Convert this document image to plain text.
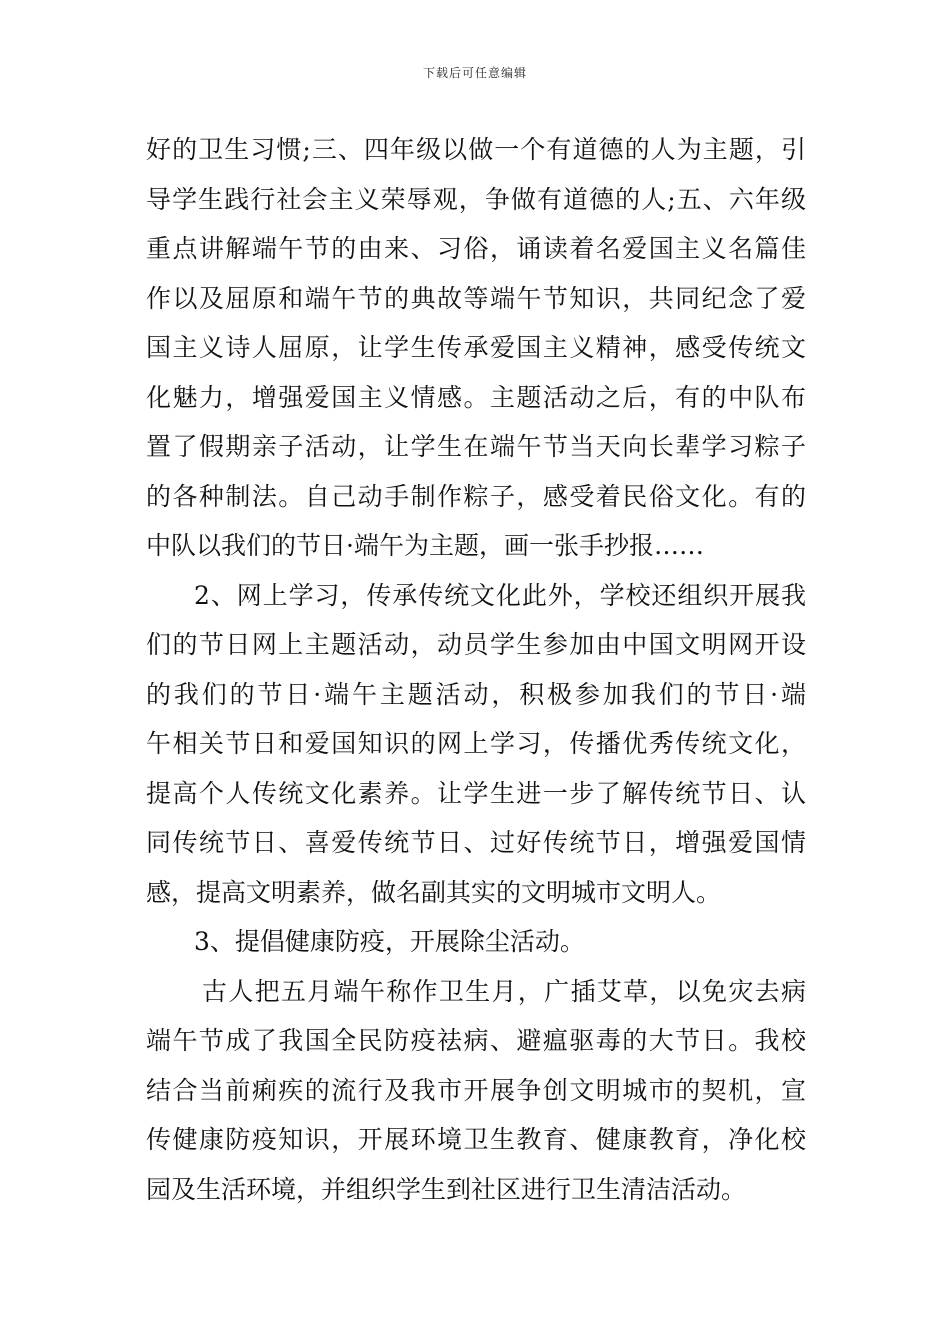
下载后可任意编辑
好的卫生习惯;三、四年级以做一个有道德的人为主题，引
导学生践行社会主义荣辱观，争做有道德的人;五、六年级
重点讲解端午节的由来、习俗，诵读着名爱国主义名篇佳
作以及屈原和端午节的典故等端午节知识，共同纪念了爱
国主义诗人屈原，让学生传承爱国主义精神，感受传统文
化魅力，增强爱国主义情感。主题活动之后，有的中队布
置了假期亲子活动，让学生在端午节当天向长辈学习粽子
的各种制法。自己动手制作粽子，感受着民俗文化。有的
中队以我们的节日·端午为主题，画一张手抄报……
2、网上学习，传承传统文化此外，学校还组织开展我
们的节日网上主题活动，动员学生参加由中国文明网开设
的我们的节日·端午主题活动，积极参加我们的节日·端
午相关节日和爱国知识的网上学习，传播优秀传统文化，
提高个人传统文化素养。让学生进一步了解传统节日、认
同传统节日、喜爱传统节日、过好传统节日，增强爱国情
感，提高文明素养，做名副其实的文明城市文明人。
3、提倡健康防疫，开展除尘活动。
古人把五月端午称作卫生月，广插艾草，以免灾去病
端午节成了我国全民防疫祛病、避瘟驱毒的大节日。我校
结合当前痢疾的流行及我市开展争创文明城市的契机，宣
传健康防疫知识，开展环境卫生教育、健康教育，净化校
园及生活环境，并组织学生到社区进行卫生清洁活动。
